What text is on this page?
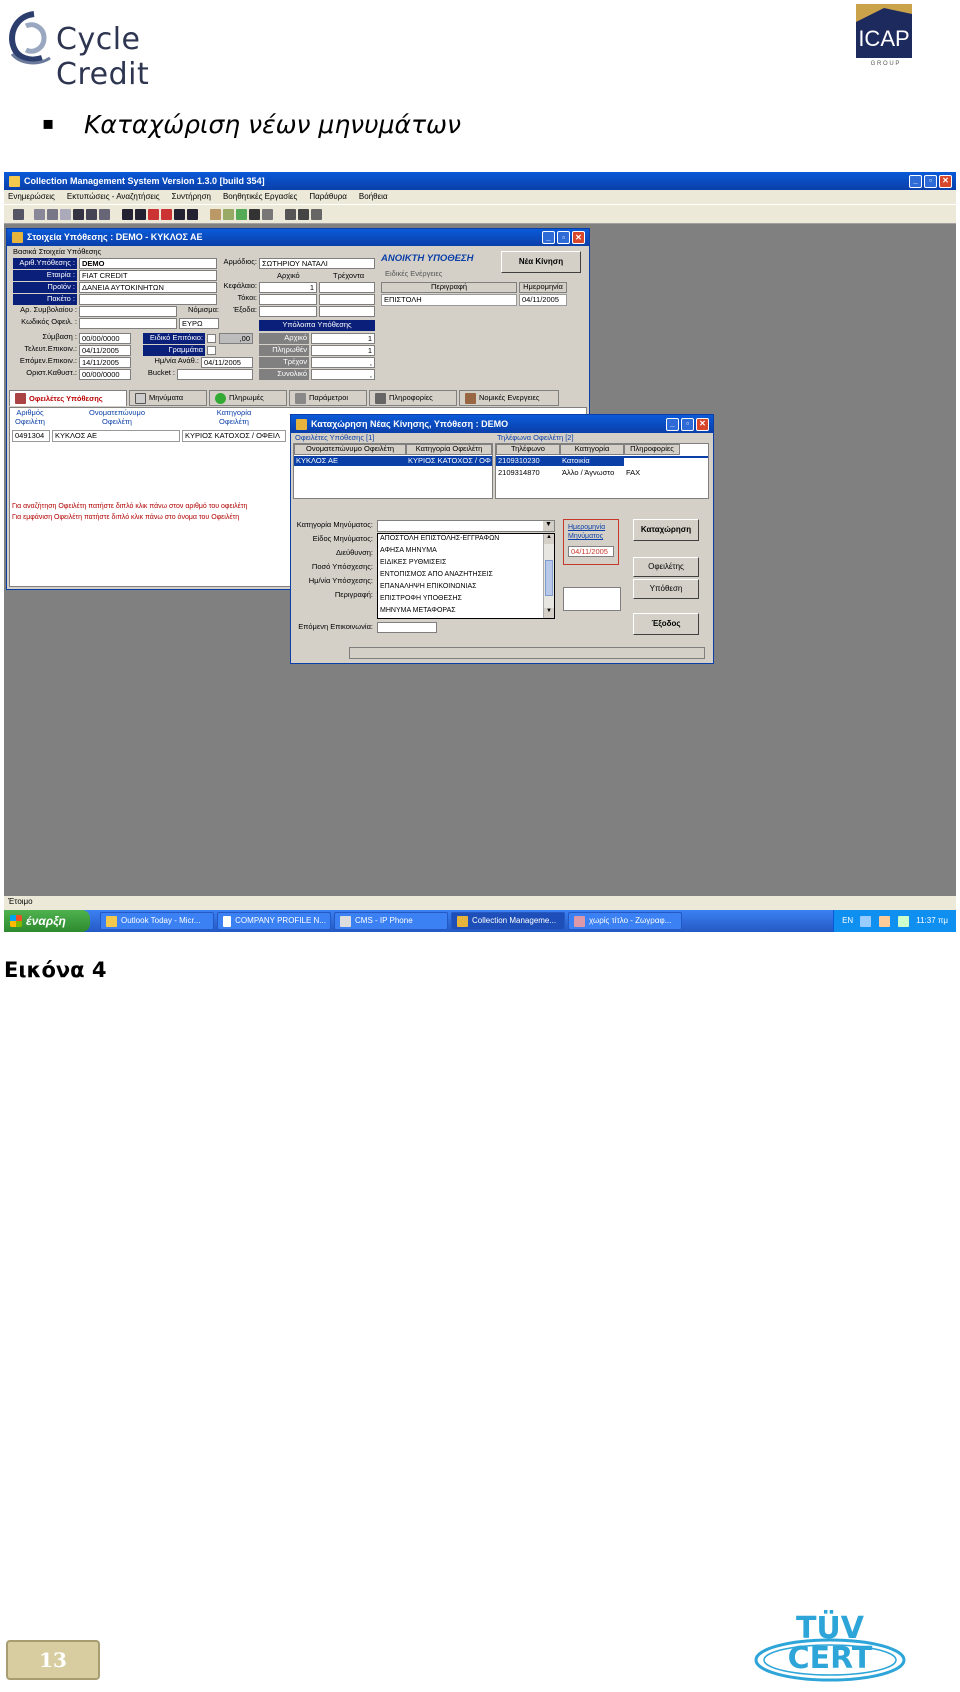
Cycle Credit
ICAP
G R O U P
▪ Καταχώριση νέων μηνυμάτων
Collection Management System Version 1.3.0 [build 354]	_	▫	✕
Ενημερώσεις Εκτυπώσεις - Αναζητήσεις Συντήρηση Βοηθητικές Εργασίες Παράθυρα Βοήθεια
Στοιχεία Υπόθεσης : DEMO - ΚΥΚΛΟΣ ΑΕ	_	▫	✕
Βασικά Στοιχεία Υπόθεσης
Αριθ.Υπόθεσης : DEMO
Εταιρία : FIAT CREDIT
Προϊόν : ΔΑΝΕΙΑ ΑΥΤΟΚΙΝΗΤΩΝ
Πακέτο :
Αρ. Συμβολαίου :	Νόμισμα:
Κωδικός Οφειλ. :	ΕΥΡΩ
Σύμβαση : 00/00/0000
Τελευτ.Επικοιν.: 04/11/2005
Επόμεν.Επικοιν.: 14/11/2005
Οριστ.Καθυστ.: 00/00/0000
Ειδικό Επιτόκιο:	,00
Γραμμάτια
Ημ/νία Ανάθ.: 04/11/2005
Bucket :
Αρμόδιος: ΣΩΤΗΡΙΟΥ ΝΑΤΑΛΙ
Αρχικό	Τρέχοντα
Κεφάλαιο:	1
Τόκοι:
Έξοδα:
Υπόλοιπα Υπόθεσης
Αρχικό	1
Πληρωθέν	1
Τρέχον	,
Συνολικό	,
ΑΝΟΙΚΤΗ ΥΠΟΘΕΣΗ	Νέα Κίνηση
Ειδικές Ενέργειες
Περιγραφή	Ημερομηνία
ΕΠΙΣΤΟΛΗ	04/11/2005
Οφειλέτες Υπόθεσης	Μηνύματα	Πληρωμές	Παράμετροι	Πληροφορίες	Νομικές Ενεργειες
Αριθμός Οφειλέτη
Ονοματεπώνυμο Οφειλέτη
Κατηγορία Οφειλέτη
0491304	ΚΥΚΛΟΣ ΑΕ	ΚΥΡΙΟΣ ΚΑΤΟΧΟΣ / ΟΦΕΙΛ
Για αναζήτηση Οφειλέτη πατήστε διπλό κλικ πάνω στον αριθμό του οφειλέτη
Για εμφάνιση Οφειλέτη πατήστε διπλό κλικ πάνω στο όνομα του Οφειλέτη
Καταχώρηση Νέας Κίνησης, Υπόθεση : DEMO	_	▫	✕
Οφειλέτες Υπόθεσης [1]
Ονοματεπώνυμο Οφειλέτη	Κατηγορία Οφειλέτη
ΚΥΚΛΟΣ ΑΕ	ΚΥΡΙΟΣ ΚΑΤΟΧΟΣ / ΟΦ
Τηλέφωνα Οφειλέτη [2]
Τηλέφωνο	Κατηγορία	Πληροφορίες
2109310230	Κατοικία
2109314870	Άλλο / Άγνωστο	FAX
Κατηγορία Μηνύματος:
Είδος Μηνύματος:
Διεύθυνση:
Ποσό Υπόσχεσης:
Ημ/νία Υπόσχεσης:
Περιγραφή:
Επόμενη Επικοινωνία:
▼
ΑΠΟΣΤΟΛΗ ΕΠΙΣΤΟΛΗΣ-ΕΓΓΡΑΦΩΝ
ΑΦΗΣΑ ΜΗΝΥΜΑ
ΕΙΔΙΚΕΣ ΡΥΘΜΙΣΕΙΣ
ΕΝΤΟΠΙΣΜΟΣ ΑΠΟ ΑΝΑΖΗΤΗΣΕΙΣ
ΕΠΑΝΑΛΗΨΗ ΕΠΙΚΟΙΝΩΝΙΑΣ
ΕΠΙΣΤΡΟΦΗ ΥΠΟΘΕΣΗΣ
ΜΗΝΥΜΑ ΜΕΤΑΦΟΡΑΣ
▲
▼
Ημερομηνία Μηνύματος
04/11/2005
Καταχώρηση
Οφειλέτης
Υπόθεση
Έξοδος
Έτοιμο
έναρξη	Outlook Today - Micr...	COMPANY PROFILE N...	CMS - IP Phone	Collection Manageme...	χωρίς τίτλο - Ζωγραφ...	EN	11:37 πμ
Εικόνα 4
13
TÜV CERT
